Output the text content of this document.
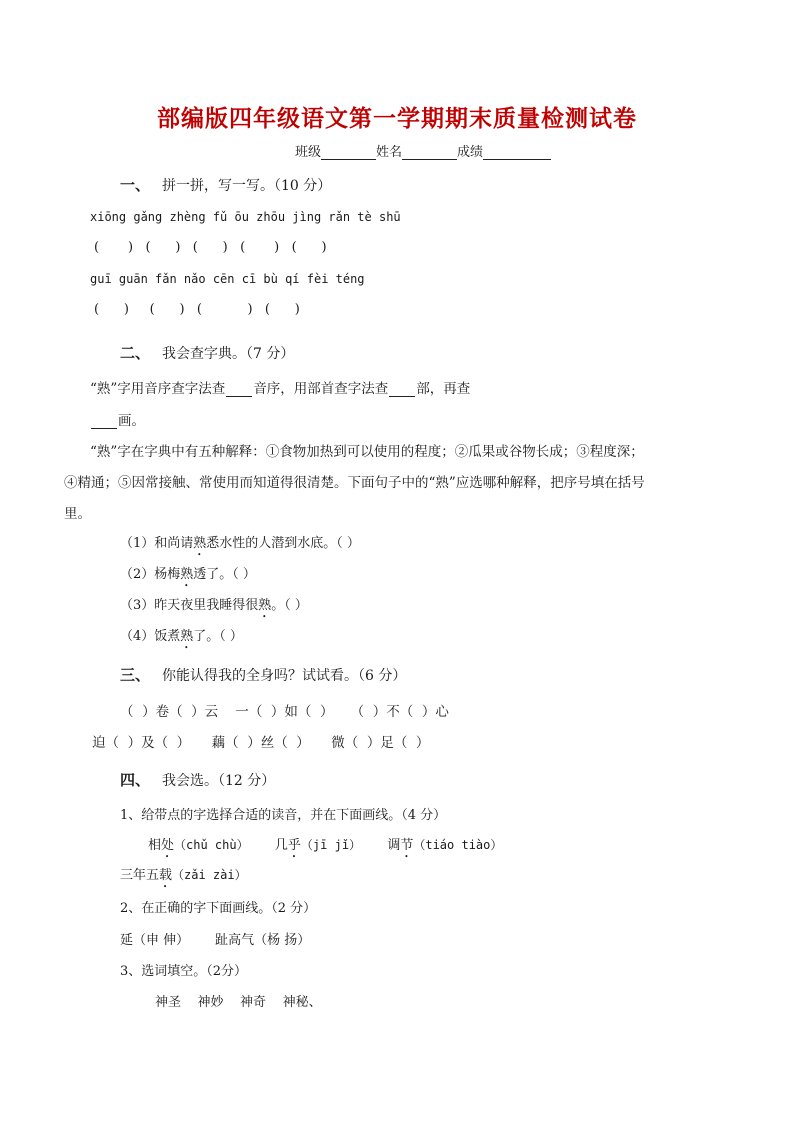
部编版四年级语文第一学期期末质量检测试卷
班级	姓名	成绩
一、 拼一拼，写一写。（10 分）
xiōng gǎng zhèng fǔ ōu zhōu jìng rǎn tè shū
(       )   (      )   (      )   (       )   (      )
guī guān fǎn nǎo cēn cī bù qí fèi téng
(      )     (      )   (           )   (      )
二、 我会查字典。（7 分）
“熟”字用音序查字法查 音序，用部首查字法查 部，再查
画。
“熟”字在字典中有五种解释：①食物加热到可以使用的程度；②瓜果或谷物长成；③程度深；
④精通；⑤因常接触、常使用而知道得很清楚。下面句子中的“熟”应选哪种解释，把序号填在括号
里。
（1）和尚请熟悉水性的人潜到水底。（ ）
（2）杨梅熟透了。（ ）
（3）昨天夜里我睡得很熟。（ ）
（4）饭煮熟了。（ ）
三、 你能认得我的全身吗？试试看。（6 分）
（  ）卷（  ）云    一（  ）如（  ）    （  ）不（  ）心
迫（  ）及（  ）     藕（  ）丝（  ）     微（  ）足（  ）
四、 我会选。（12 分）
1、给带点的字选择合适的读音，并在下面画线。（4 分）
相处（chǔ chù） 几乎（jī jǐ） 调节（tiáo tiào）
三年五载（zǎi zài）
2、在正确的字下面画线。（2 分）
延（申 伸） 趾高气（杨 扬）
3、选词填空。（2分）
神圣    神妙    神奇    神秘、
